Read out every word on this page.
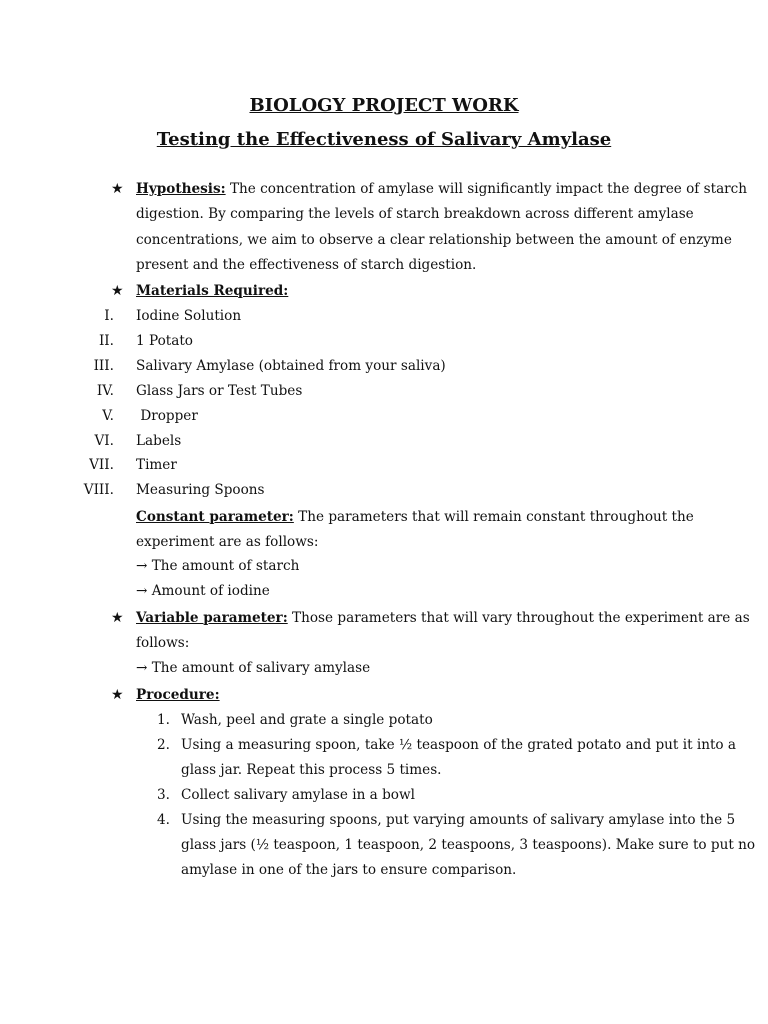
BIOLOGY PROJECT WORK
Testing the Effectiveness of Salivary Amylase
★ Hypothesis: The concentration of amylase will significantly impact the degree of starch
digestion. By comparing the levels of starch breakdown across different amylase
concentrations, we aim to observe a clear relationship between the amount of enzyme
present and the effectiveness of starch digestion.
★ Materials Required:
I. Iodine Solution
II. 1 Potato
III. Salivary Amylase (obtained from your saliva)
IV. Glass Jars or Test Tubes
V. Dropper
VI. Labels
VII. Timer
VIII. Measuring Spoons
Constant parameter: The parameters that will remain constant throughout the
experiment are as follows:
→ The amount of starch
→ Amount of iodine
★ Variable parameter: Those parameters that will vary throughout the experiment are as
follows:
→ The amount of salivary amylase
★ Procedure:
1. Wash, peel and grate a single potato
2. Using a measuring spoon, take ½ teaspoon of the grated potato and put it into a
glass jar. Repeat this process 5 times.
3. Collect salivary amylase in a bowl
4. Using the measuring spoons, put varying amounts of salivary amylase into the 5
glass jars (½ teaspoon, 1 teaspoon, 2 teaspoons, 3 teaspoons). Make sure to put no
amylase in one of the jars to ensure comparison.
